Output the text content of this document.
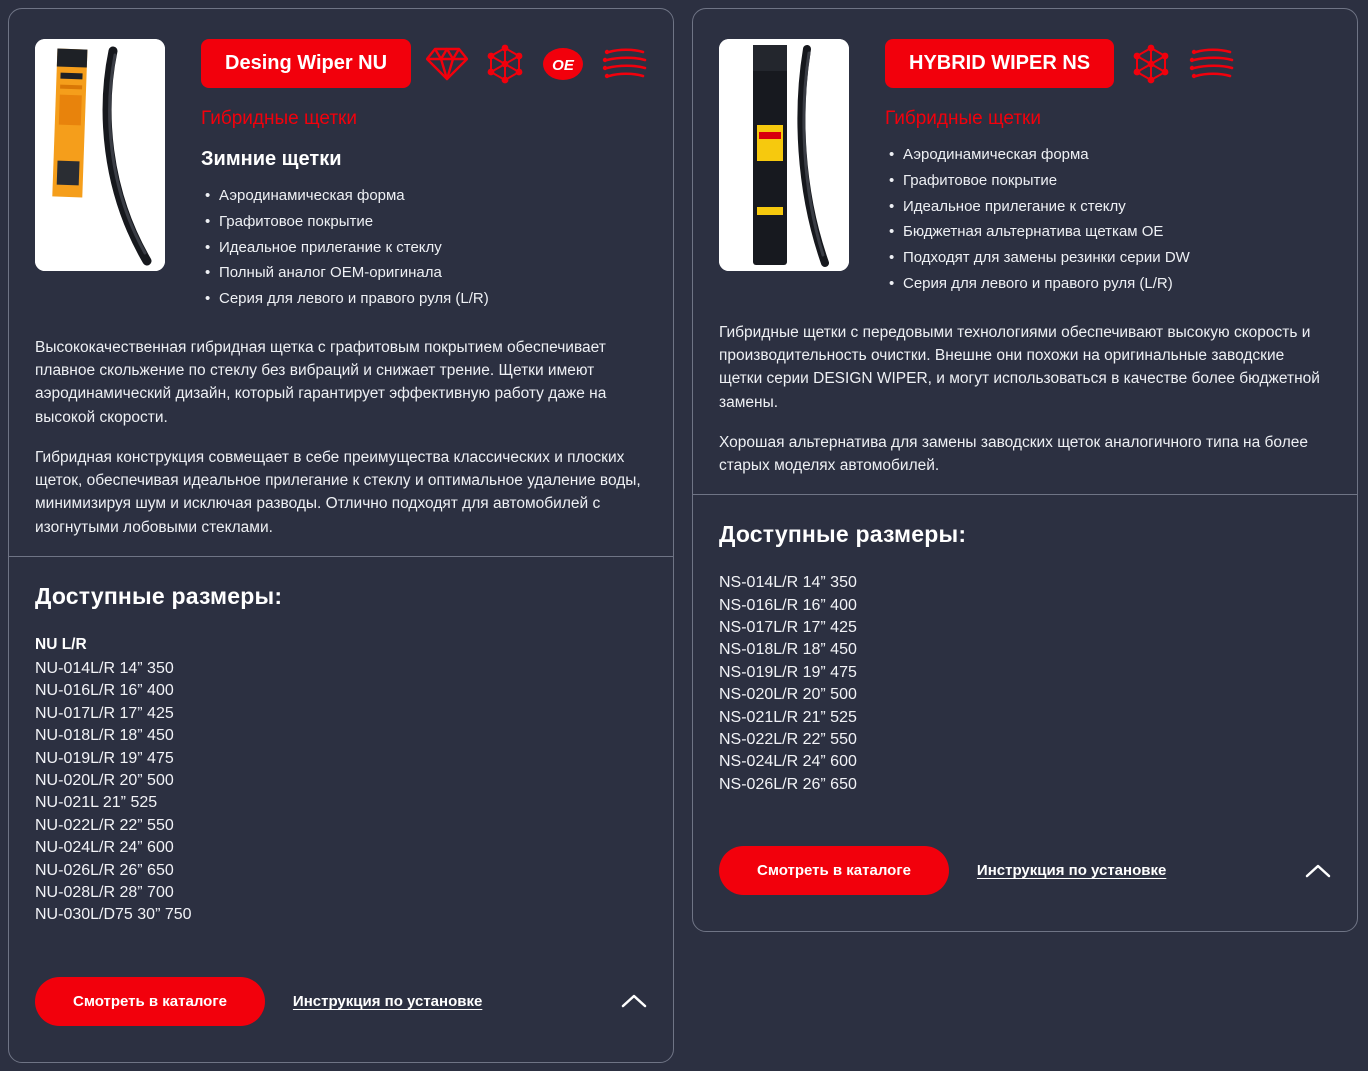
Desing Wiper NU	OE
Гибридные щетки
Зимние щетки
• Аэродинамическая форма
• Графитовое покрытие
• Идеальное прилегание к стеклу
• Полный аналог OEM-оригинала
• Серия для левого и правого руля (L/R)

Высококачественная гибридная щетка с графитовым покрытием обеспечивает плавное скольжение по стеклу без вибраций и снижает трение. Щетки имеют аэродинамический дизайн, который гарантирует эффективную работу даже на высокой скорости.

Гибридная конструкция совмещает в себе преимущества классических и плоских щеток, обеспечивая идеальное прилегание к стеклу и оптимальное удаление воды, минимизируя шум и исключая разводы. Отлично подходят для автомобилей с изогнутыми лобовыми стеклами.

Доступные размеры:
NU L/R
NU-014L/R 14” 350
NU-016L/R 16” 400
NU-017L/R 17” 425
NU-018L/R 18” 450
NU-019L/R 19” 475
NU-020L/R 20” 500
NU-021L 21” 525
NU-022L/R 22” 550
NU-024L/R 24” 600
NU-026L/R 26” 650
NU-028L/R 28” 700
NU-030L/D75 30” 750
Смотреть в каталоге	Инструкция по установке
HYBRID WIPER NS
Гибридные щетки
• Аэродинамическая форма
• Графитовое покрытие
• Идеальное прилегание к стеклу
• Бюджетная альтернатива щеткам OE
• Подходят для замены резинки серии DW
• Серия для левого и правого руля (L/R)

Гибридные щетки с передовыми технологиями обеспечивают высокую скорость и производительность очистки. Внешне они похожи на оригинальные заводские щетки серии DESIGN WIPER, и могут использоваться в качестве более бюджетной замены.

Хорошая альтернатива для замены заводских щеток аналогичного типа на более старых моделях автомобилей.

Доступные размеры:
NS-014L/R 14” 350
NS-016L/R 16” 400
NS-017L/R 17” 425
NS-018L/R 18” 450
NS-019L/R 19” 475
NS-020L/R 20” 500
NS-021L/R 21” 525
NS-022L/R 22” 550
NS-024L/R 24” 600
NS-026L/R 26” 650
Смотреть в каталоге	Инструкция по установке
